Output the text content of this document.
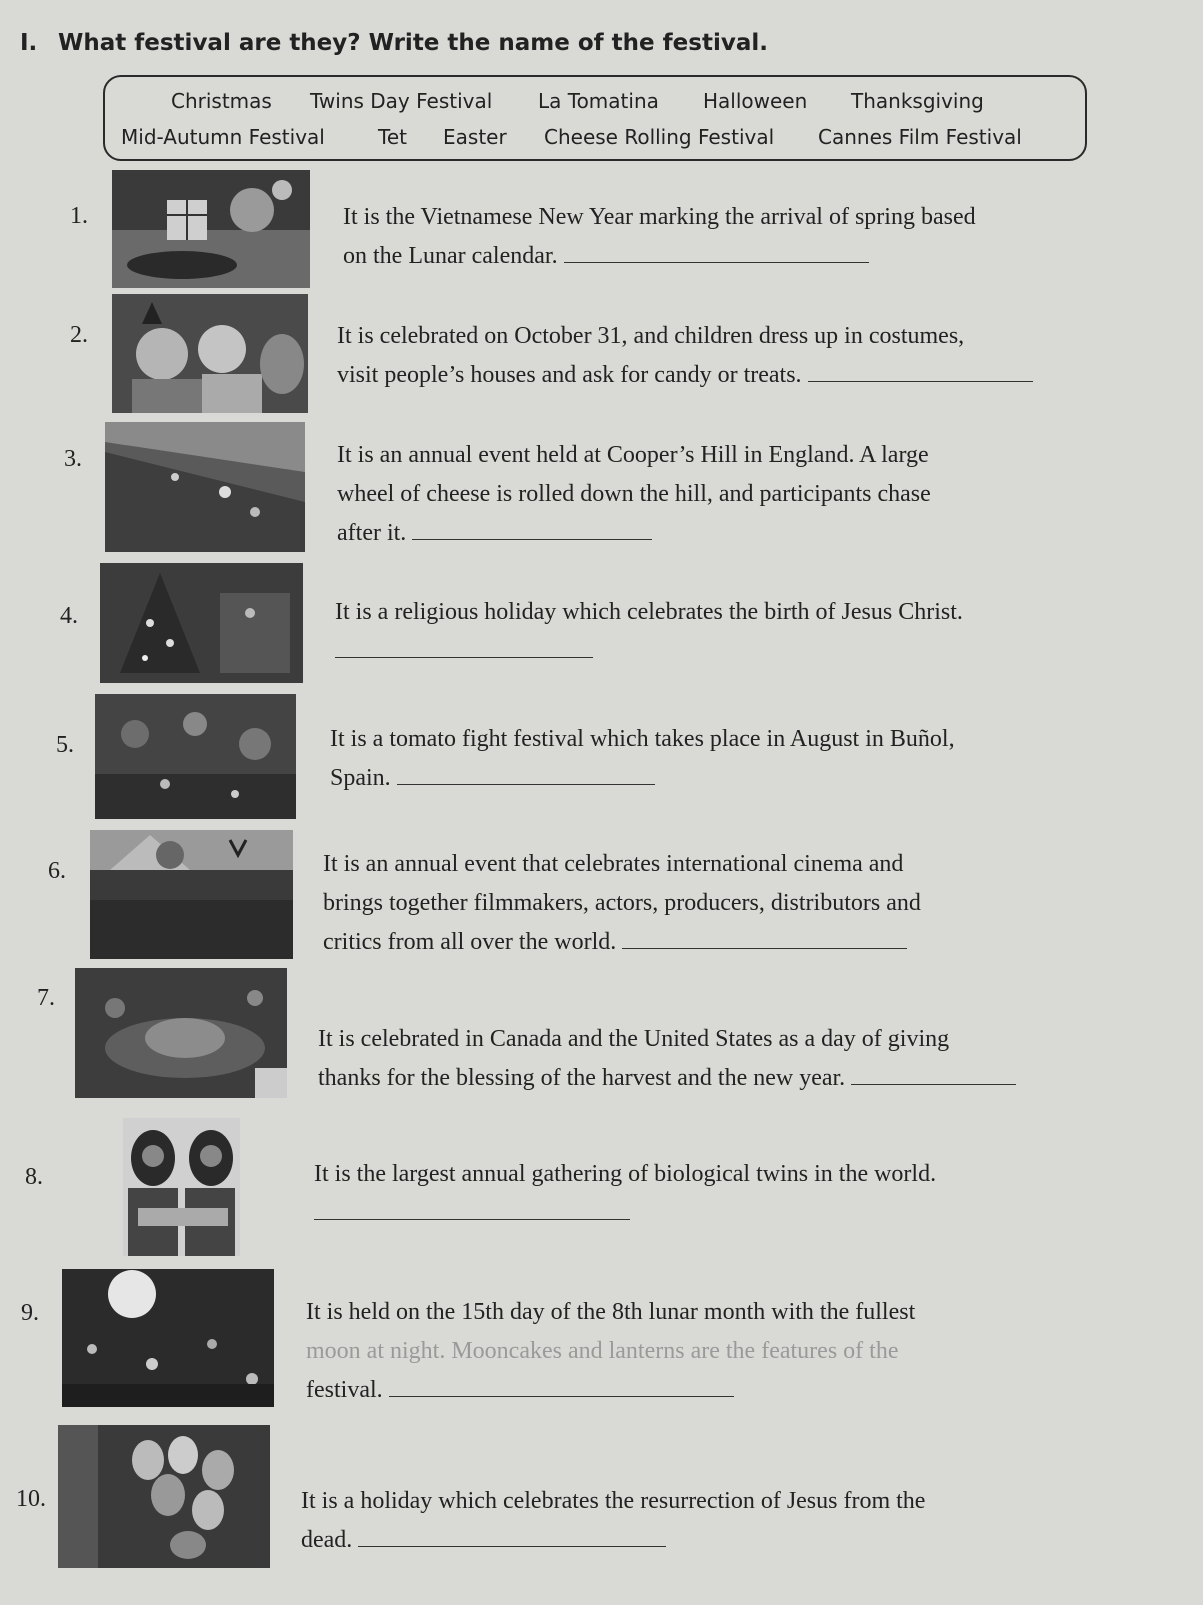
I. What festival are they? Write the name of the festival.
Christmas Twins Day Festival La Tomatina Halloween Thanksgiving
Mid-Autumn Festival	Tet Easter Cheese Rolling Festival Cannes Film Festival
1.	It is the Vietnamese New Year marking the arrival of spring based
on the Lunar calendar.
2.	It is celebrated on October 31, and children dress up in costumes,
visit people’s houses and ask for candy or treats.
3.	It is an annual event held at Cooper’s Hill in England. A large
wheel of cheese is rolled down the hill, and participants chase
after it.
4.	It is a religious holiday which celebrates the birth of Jesus Christ.
5.	It is a tomato fight festival which takes place in August in Buñol,
Spain.
6.	It is an annual event that celebrates international cinema and
brings together filmmakers, actors, producers, distributors and
critics from all over the world.
7.
It is celebrated in Canada and the United States as a day of giving
thanks for the blessing of the harvest and the new year.
8.	It is the largest annual gathering of biological twins in the world.
9.	It is held on the 15th day of the 8th lunar month with the fullest
moon at night. Mooncakes and lanterns are the features of the
festival.
10.	It is a holiday which celebrates the resurrection of Jesus from the
dead.
